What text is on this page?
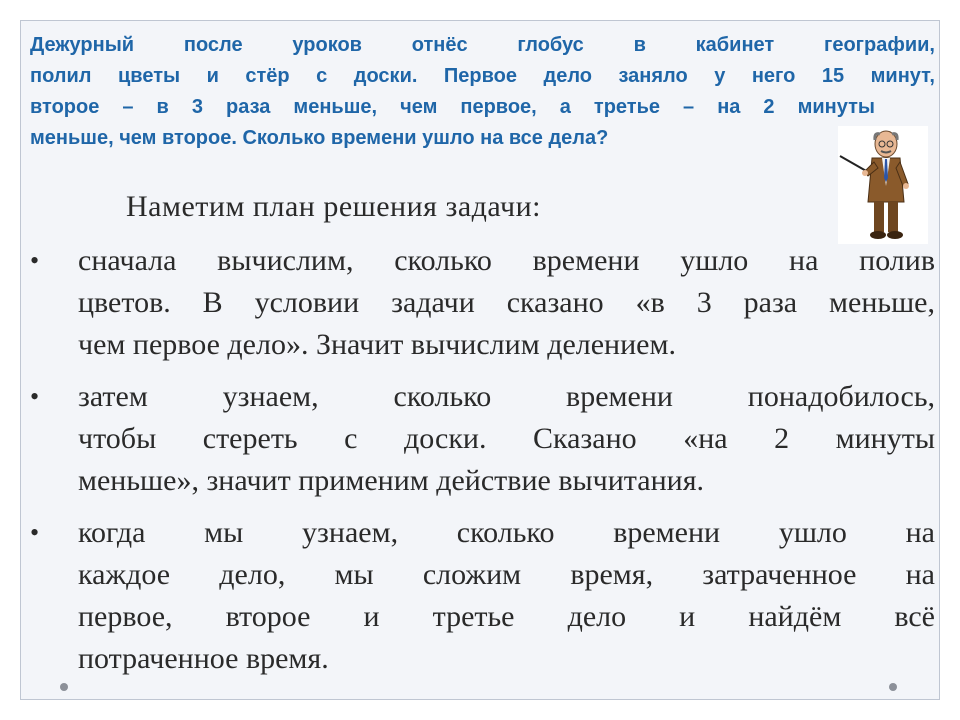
Дежурный после уроков отнёс глобус в кабинет географии,
полил цветы и стёр с доски. Первое дело заняло у него 15 минут,
второе – в 3 раза меньше, чем первое, а третье – на 2 минуты
меньше, чем второе. Сколько времени ушло на все дела?
Наметим план решения задачи:
• сначала вычислим, сколько времени ушло на полив
цветов. В условии задачи сказано «в 3 раза меньше,
чем первое дело». Значит вычислим делением.
• затем узнаем, сколько времени понадобилось,
чтобы стереть с доски. Сказано «на 2 минуты
меньше», значит применим действие вычитания.
• когда мы узнаем, сколько времени ушло на
каждое дело, мы сложим время, затраченное на
первое, второе и третье дело и найдём всё
потраченное время.
